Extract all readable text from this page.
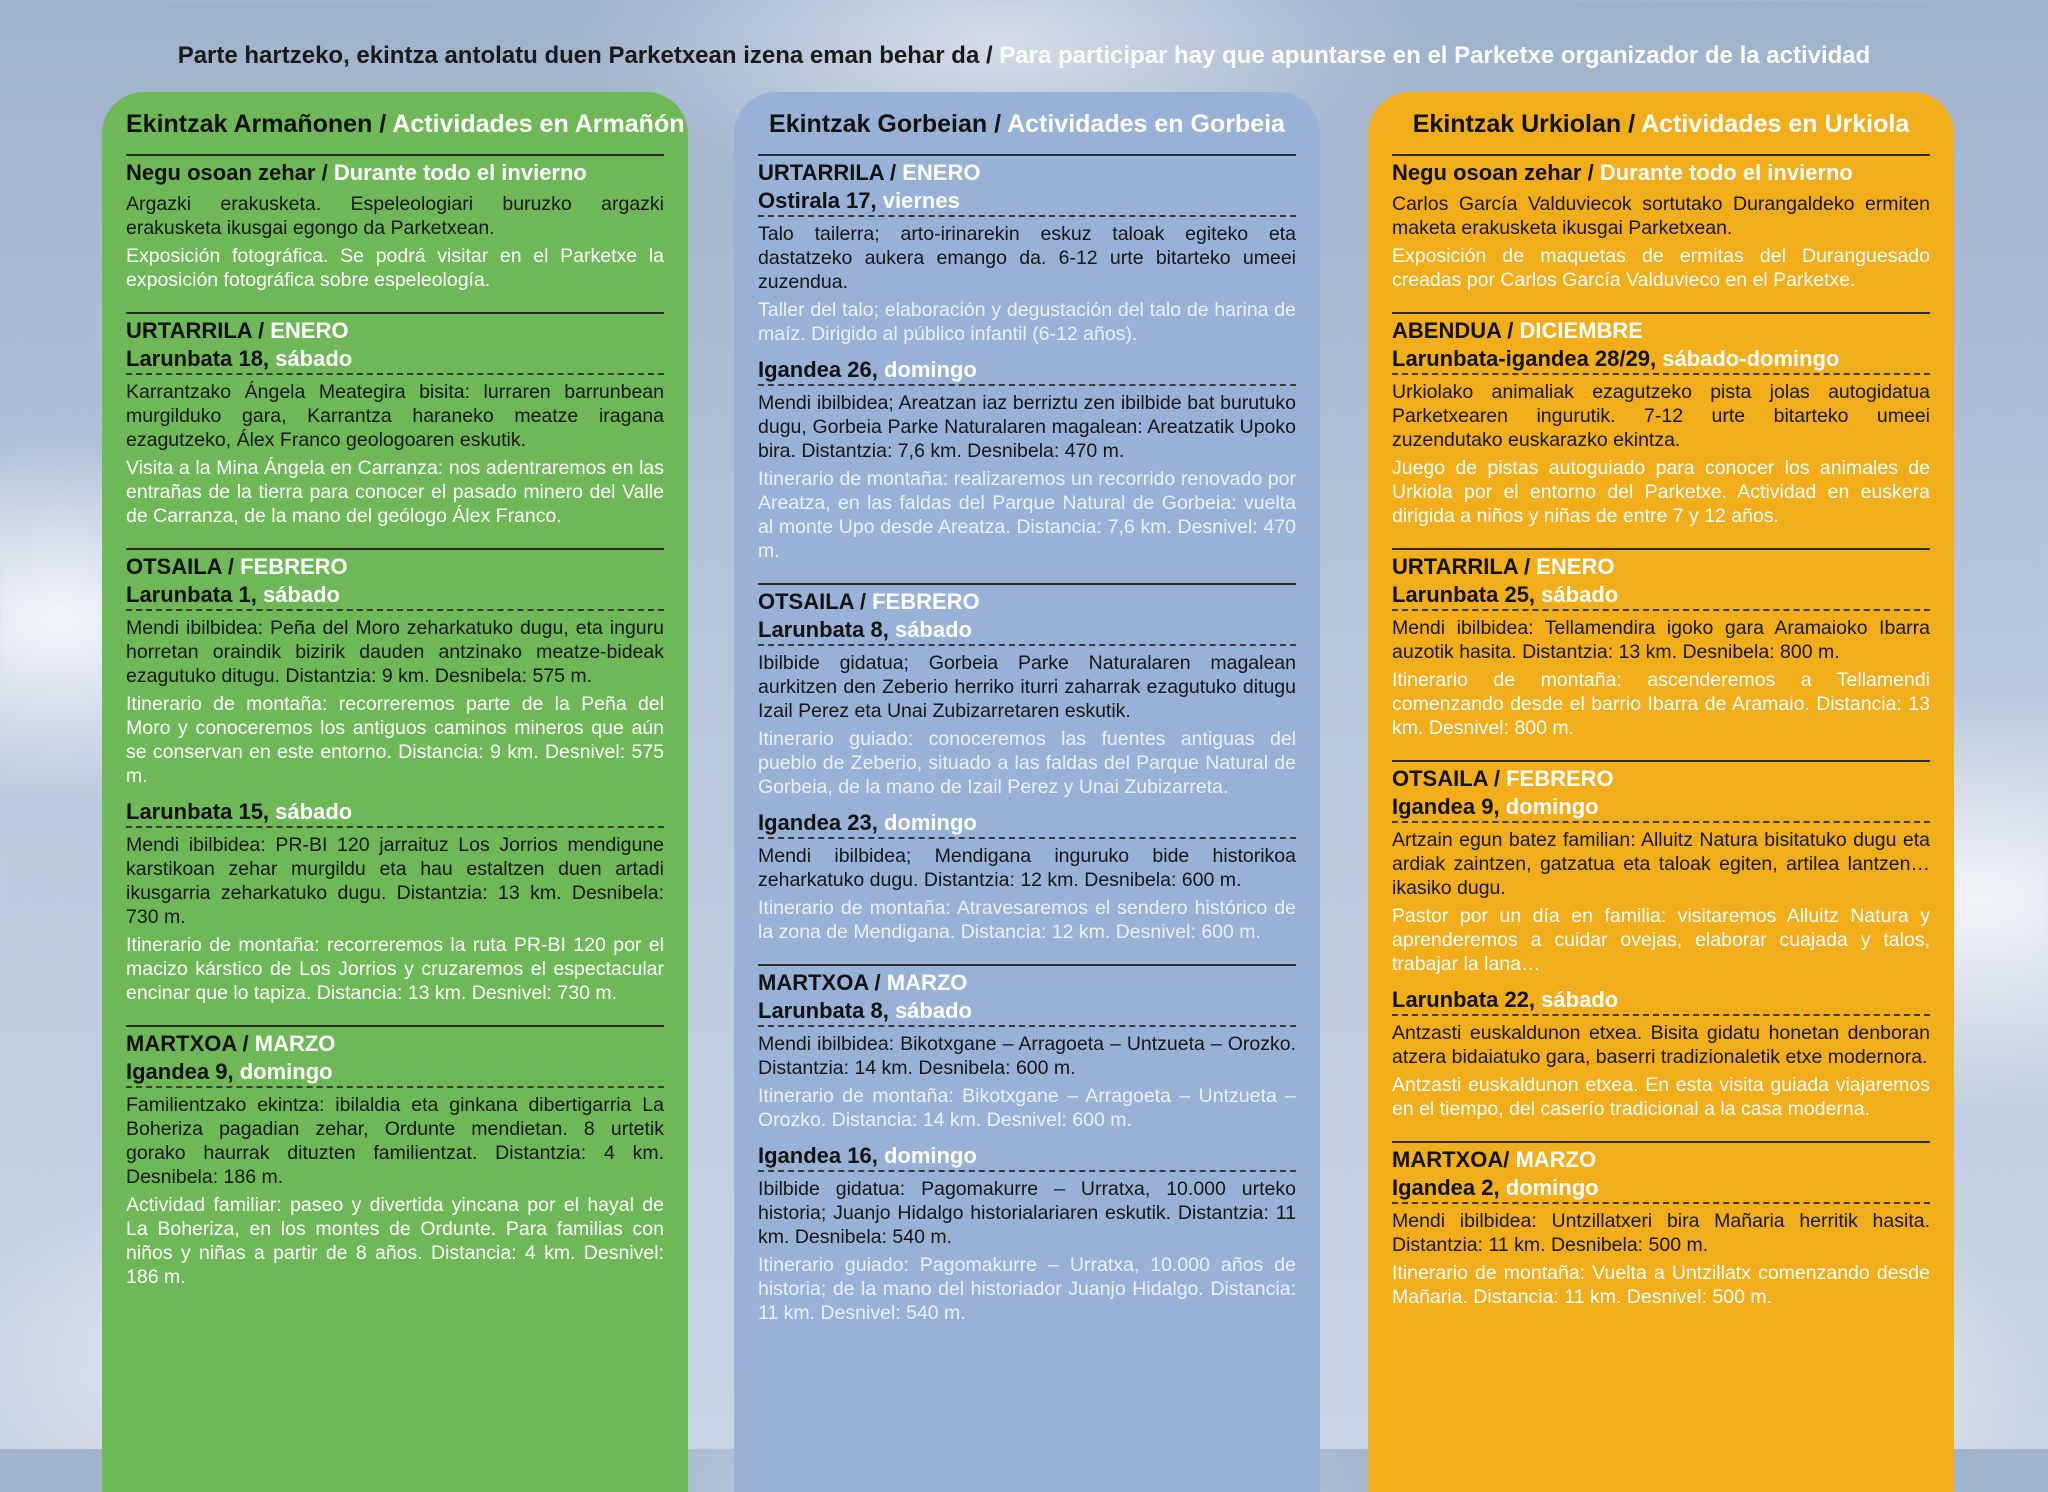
Parte hartzeko, ekintza antolatu duen Parketxean izena eman behar da / Para participar hay que apuntarse en el Parketxe organizador de la actividad
Ekintzak Armañonen / Actividades en Armañón
Negu osoan zehar / Durante todo el invierno

Argazki erakusketa. Espeleologiari buruzko argazki erakusketa ikusgai egongo da Parketxean.

Exposición fotográfica. Se podrá visitar en el Parketxe la exposición fotográfica sobre espeleología.

URTARRILA / ENERO
Larunbata 18, sábado

Karrantzako Ángela Meategira bisita: lurraren barrunbean murgilduko gara, Karrantza haraneko meatze iragana ezagutzeko, Álex Franco geologoaren eskutik.

Visita a la Mina Ángela en Carranza: nos adentraremos en las entrañas de la tierra para conocer el pasado minero del Valle de Carranza, de la mano del geólogo Álex Franco.

OTSAILA / FEBRERO
Larunbata 1, sábado

Mendi ibilbidea: Peña del Moro zeharkatuko dugu, eta inguru horretan oraindik bizirik dauden antzinako meatze-bideak ezagutuko ditugu. Distantzia: 9 km. Desnibela: 575 m.

Itinerario de montaña: recorreremos parte de la Peña del Moro y conoceremos los antiguos caminos mineros que aún se conservan en este entorno. Distancia: 9 km. Desnivel: 575 m.

Larunbata 15, sábado

Mendi ibilbidea: PR-BI 120 jarraituz Los Jorrios mendigune karstikoan zehar murgildu eta hau estaltzen duen artadi ikusgarria zeharkatuko dugu. Distantzia: 13 km. Desnibela: 730 m.

Itinerario de montaña: recorreremos la ruta PR-BI 120 por el macizo kárstico de Los Jorrios y cruzaremos el espectacular encinar que lo tapiza. Distancia: 13 km. Desnivel: 730 m.

MARTXOA / MARZO
Igandea 9, domingo

Familientzako ekintza: ibilaldia eta ginkana dibertigarria La Boheriza pagadian zehar, Ordunte mendietan. 8 urtetik gorako haurrak dituzten familientzat. Distantzia: 4 km. Desnibela: 186 m.

Actividad familiar: paseo y divertida yincana por el hayal de La Boheriza, en los montes de Ordunte. Para familias con niños y niñas a partir de 8 años. Distancia: 4 km. Desnivel: 186 m.

Ekintzak Gorbeian / Actividades en Gorbeia
URTARRILA / ENERO
Ostirala 17, viernes

Talo tailerra; arto-irinarekin eskuz taloak egiteko eta dastatzeko aukera emango da. 6-12 urte bitarteko umeei zuzendua.

Taller del talo; elaboración y degustación del talo de harina de maíz. Dirigido al público infantil (6-12 años).

Igandea 26, domingo

Mendi ibilbidea; Areatzan iaz berriztu zen ibilbide bat burutuko dugu, Gorbeia Parke Naturalaren magalean: Areatzatik Upoko bira. Distantzia: 7,6 km. Desnibela: 470 m.

Itinerario de montaña: realizaremos un recorrido renovado por Areatza, en las faldas del Parque Natural de Gorbeia: vuelta al monte Upo desde Areatza. Distancia: 7,6 km. Desnivel: 470 m.

OTSAILA / FEBRERO
Larunbata 8, sábado

Ibilbide gidatua; Gorbeia Parke Naturalaren magalean aurkitzen den Zeberio herriko iturri zaharrak ezagutuko ditugu Izail Perez eta Unai Zubizarretaren eskutik.

Itinerario guiado: conoceremos las fuentes antiguas del pueblo de Zeberio, situado a las faldas del Parque Natural de Gorbeia, de la mano de Izail Perez y Unai Zubizarreta.

Igandea 23, domingo

Mendi ibilbidea; Mendigana inguruko bide historikoa zeharkatuko dugu. Distantzia: 12 km. Desnibela: 600 m.

Itinerario de montaña: Atravesaremos el sendero histórico de la zona de Mendigana. Distancia: 12 km. Desnivel: 600 m.

MARTXOA / MARZO
Larunbata 8, sábado

Mendi ibilbidea: Bikotxgane – Arragoeta – Untzueta – Orozko. Distantzia: 14 km. Desnibela: 600 m.

Itinerario de montaña: Bikotxgane – Arragoeta – Untzueta – Orozko. Distancia: 14 km. Desnivel: 600 m.

Igandea 16, domingo

Ibilbide gidatua: Pagomakurre – Urratxa, 10.000 urteko historia; Juanjo Hidalgo historialariaren eskutik. Distantzia: 11 km. Desnibela: 540 m.

Itinerario guiado: Pagomakurre – Urratxa, 10.000 años de historia; de la mano del historiador Juanjo Hidalgo. Distancia: 11 km. Desnivel: 540 m.

Ekintzak Urkiolan / Actividades en Urkiola
Negu osoan zehar / Durante todo el invierno

Carlos García Valduviecok sortutako Durangaldeko ermiten maketa erakusketa ikusgai Parketxean.

Exposición de maquetas de ermitas del Duranguesado creadas por Carlos García Valduvieco en el Parketxe.

ABENDUA / DICIEMBRE
Larunbata-igandea 28/29, sábado-domingo

Urkiolako animaliak ezagutzeko pista jolas autogidatua Parketxearen ingurutik. 7-12 urte bitarteko umeei zuzendutako euskarazko ekintza.

Juego de pistas autoguiado para conocer los animales de Urkiola por el entorno del Parketxe. Actividad en euskera dirigida a niños y niñas de entre 7 y 12 años.

URTARRILA / ENERO
Larunbata 25, sábado

Mendi ibilbidea: Tellamendira igoko gara Aramaioko Ibarra auzotik hasita. Distantzia: 13 km. Desnibela: 800 m.

Itinerario de montaña: ascenderemos a Tellamendi comenzando desde el barrio Ibarra de Aramaio. Distancia: 13 km. Desnivel: 800 m.

OTSAILA / FEBRERO
Igandea 9, domingo

Artzain egun batez familian: Alluitz Natura bisitatuko dugu eta ardiak zaintzen, gatzatua eta taloak egiten, artilea lantzen… ikasiko dugu.

Pastor por un día en familia: visitaremos Alluitz Natura y aprenderemos a cuidar ovejas, elaborar cuajada y talos, trabajar la lana…

Larunbata 22, sábado

Antzasti euskaldunon etxea. Bisita gidatu honetan denboran atzera bidaiatuko gara, baserri tradizionaletik etxe modernora.

Antzasti euskaldunon etxea. En esta visita guiada viajaremos en el tiempo, del caserío tradicional a la casa moderna.

MARTXOA/ MARZO
Igandea 2, domingo

Mendi ibilbidea: Untzillatxeri bira Mañaria herritik hasita. Distantzia: 11 km. Desnibela: 500 m.

Itinerario de montaña: Vuelta a Untzillatx comenzando desde Mañaria. Distancia: 11 km. Desnivel: 500 m.
